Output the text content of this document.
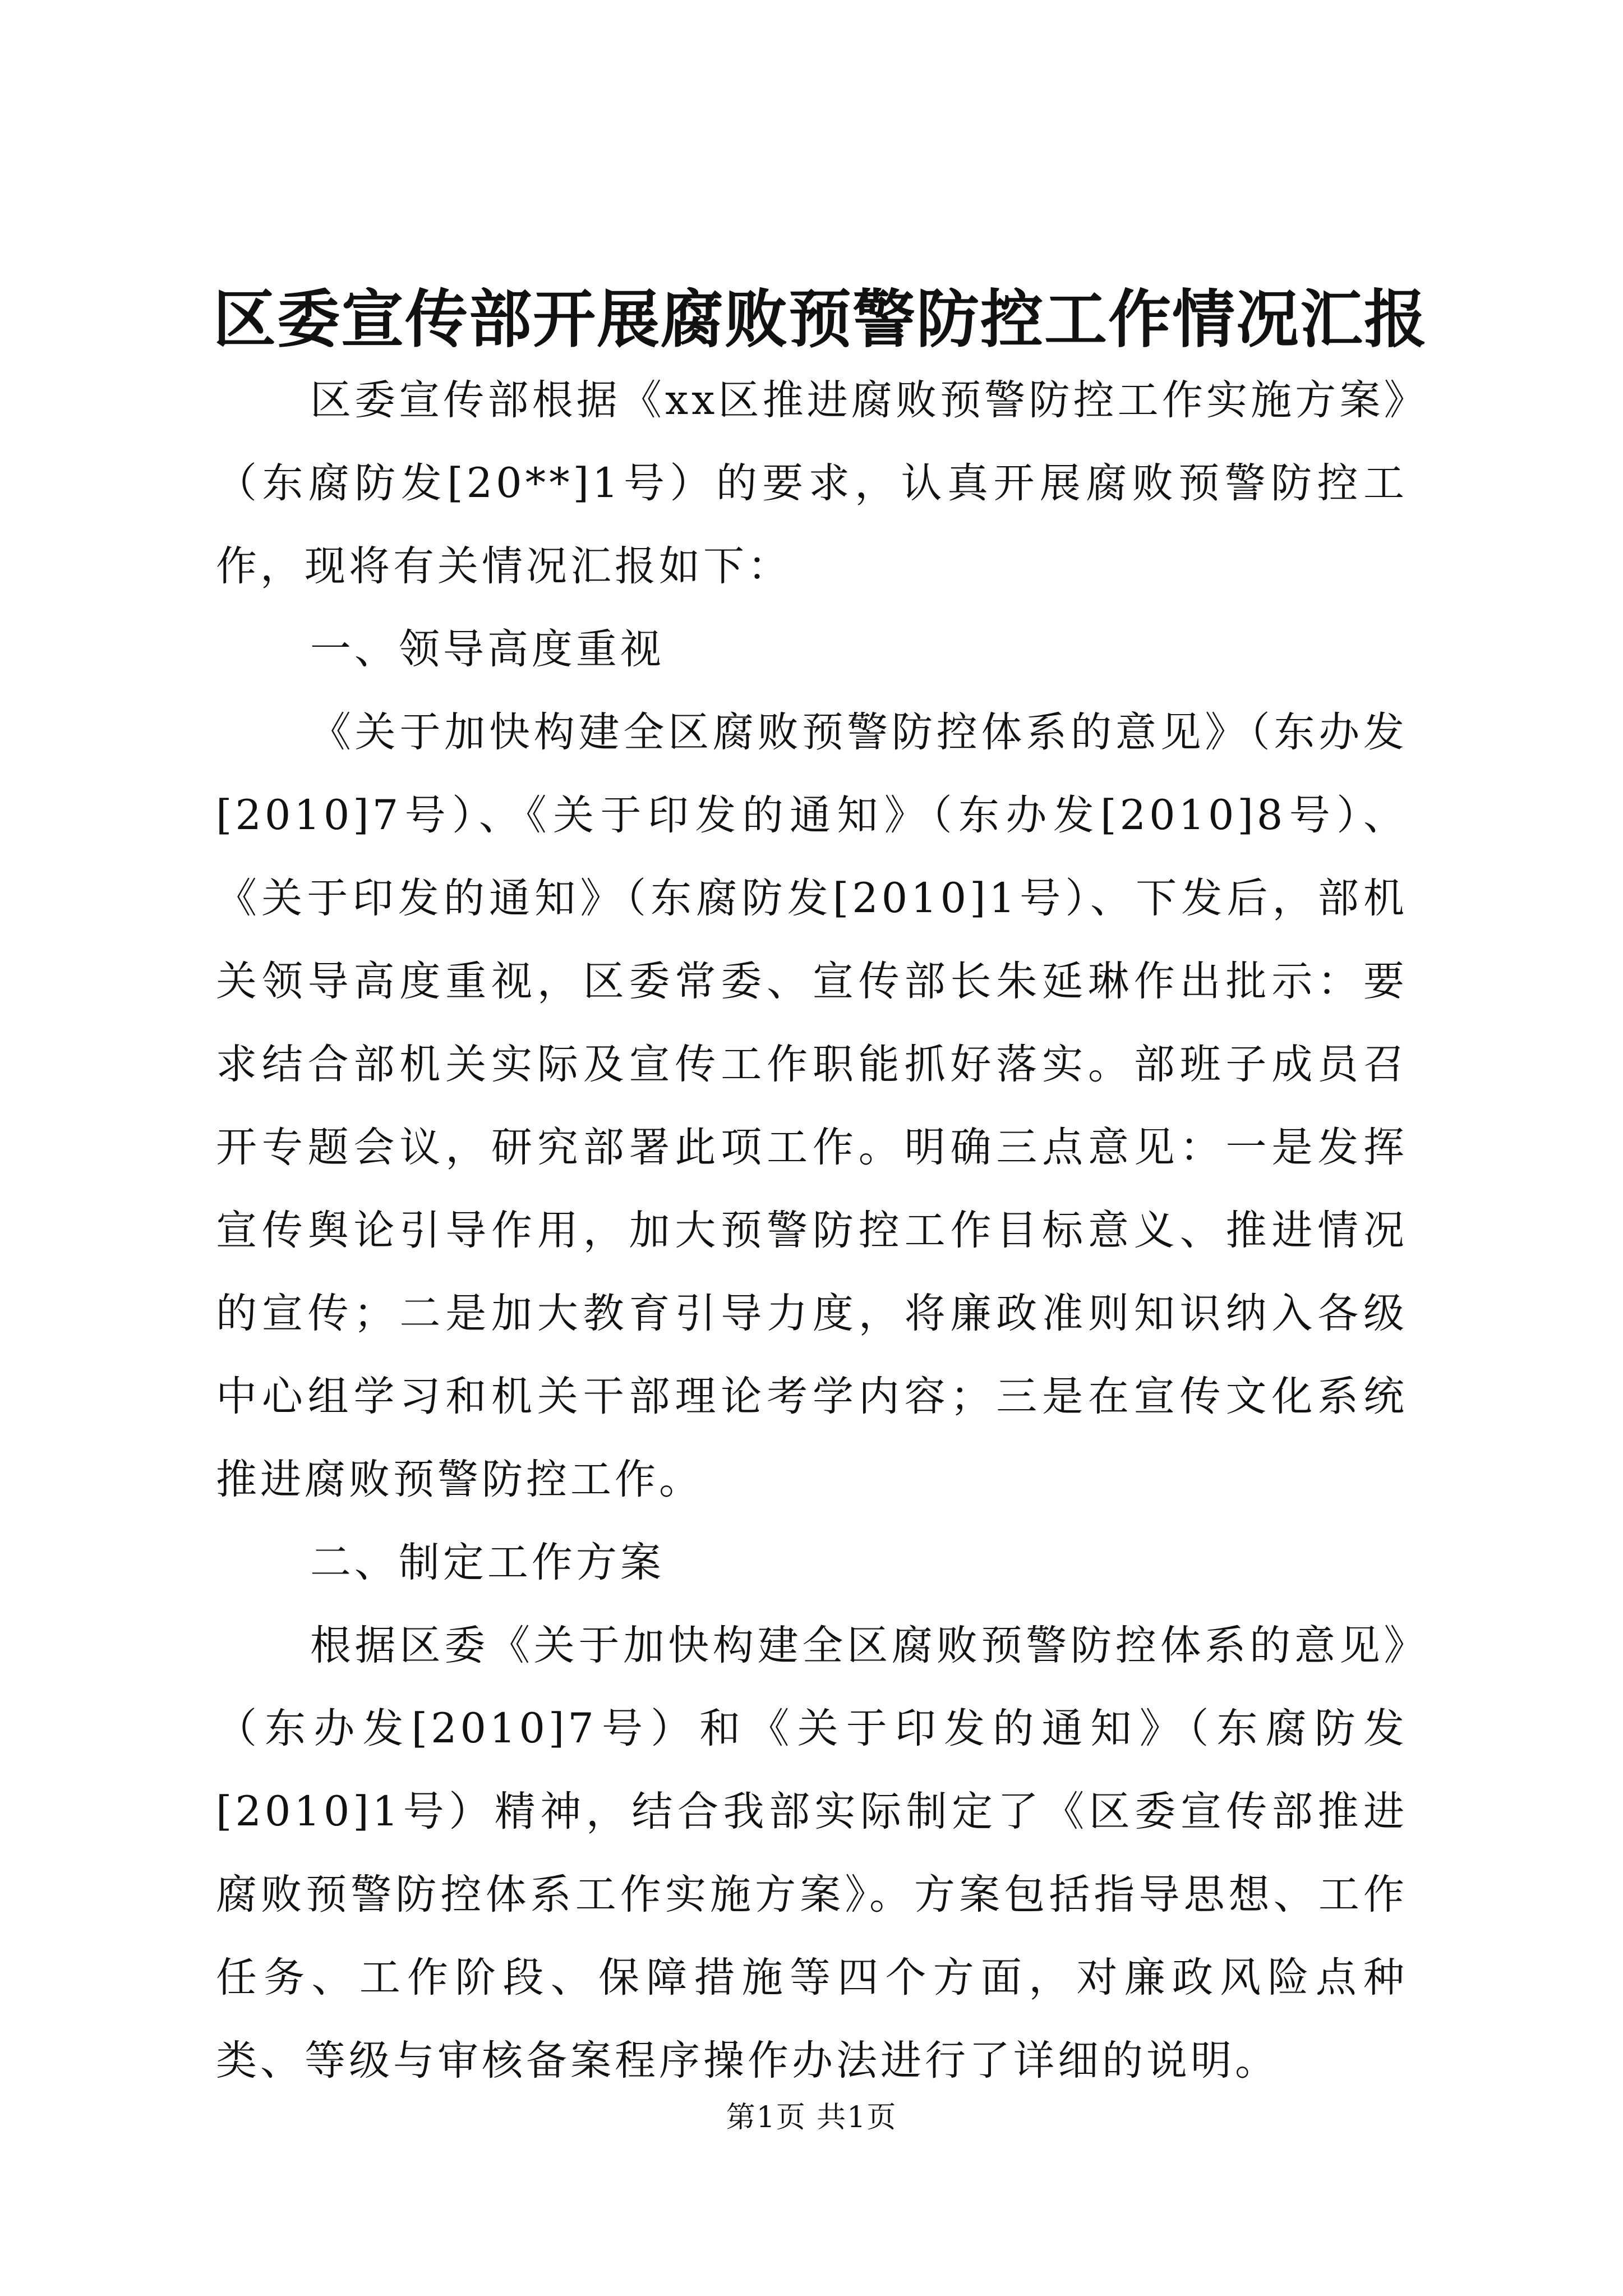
区委宣传部开展腐败预警防控工作情况汇报

区委宣传部根据《xx区推进腐败预警防控工作实施方案》（东腐防发[20**]1号）的要求，认真开展腐败预警防控工作，现将有关情况汇报如下：

一、领导高度重视

《关于加快构建全区腐败预警防控体系的意见》（东办发[2010]7号）、《关于印发的通知》（东办发[2010]8号）、《关于印发的通知》（东腐防发[2010]1号）、下发后，部机关领导高度重视，区委常委、宣传部长朱延琳作出批示：要求结合部机关实际及宣传工作职能抓好落实。部班子成员召开专题会议，研究部署此项工作。明确三点意见：一是发挥宣传舆论引导作用，加大预警防控工作目标意义、推进情况的宣传；二是加大教育引导力度，将廉政准则知识纳入各级中心组学习和机关干部理论考学内容；三是在宣传文化系统推进腐败预警防控工作。

二、制定工作方案

根据区委《关于加快构建全区腐败预警防控体系的意见》（东办发[2010]7号）和《关于印发的通知》（东腐防发[2010]1号）精神，结合我部实际制定了《区委宣传部推进腐败预警防控体系工作实施方案》。方案包括指导思想、工作任务、工作阶段、保障措施等四个方面，对廉政风险点种类、等级与审核备案程序操作办法进行了详细的说明。

第1页 共1页
